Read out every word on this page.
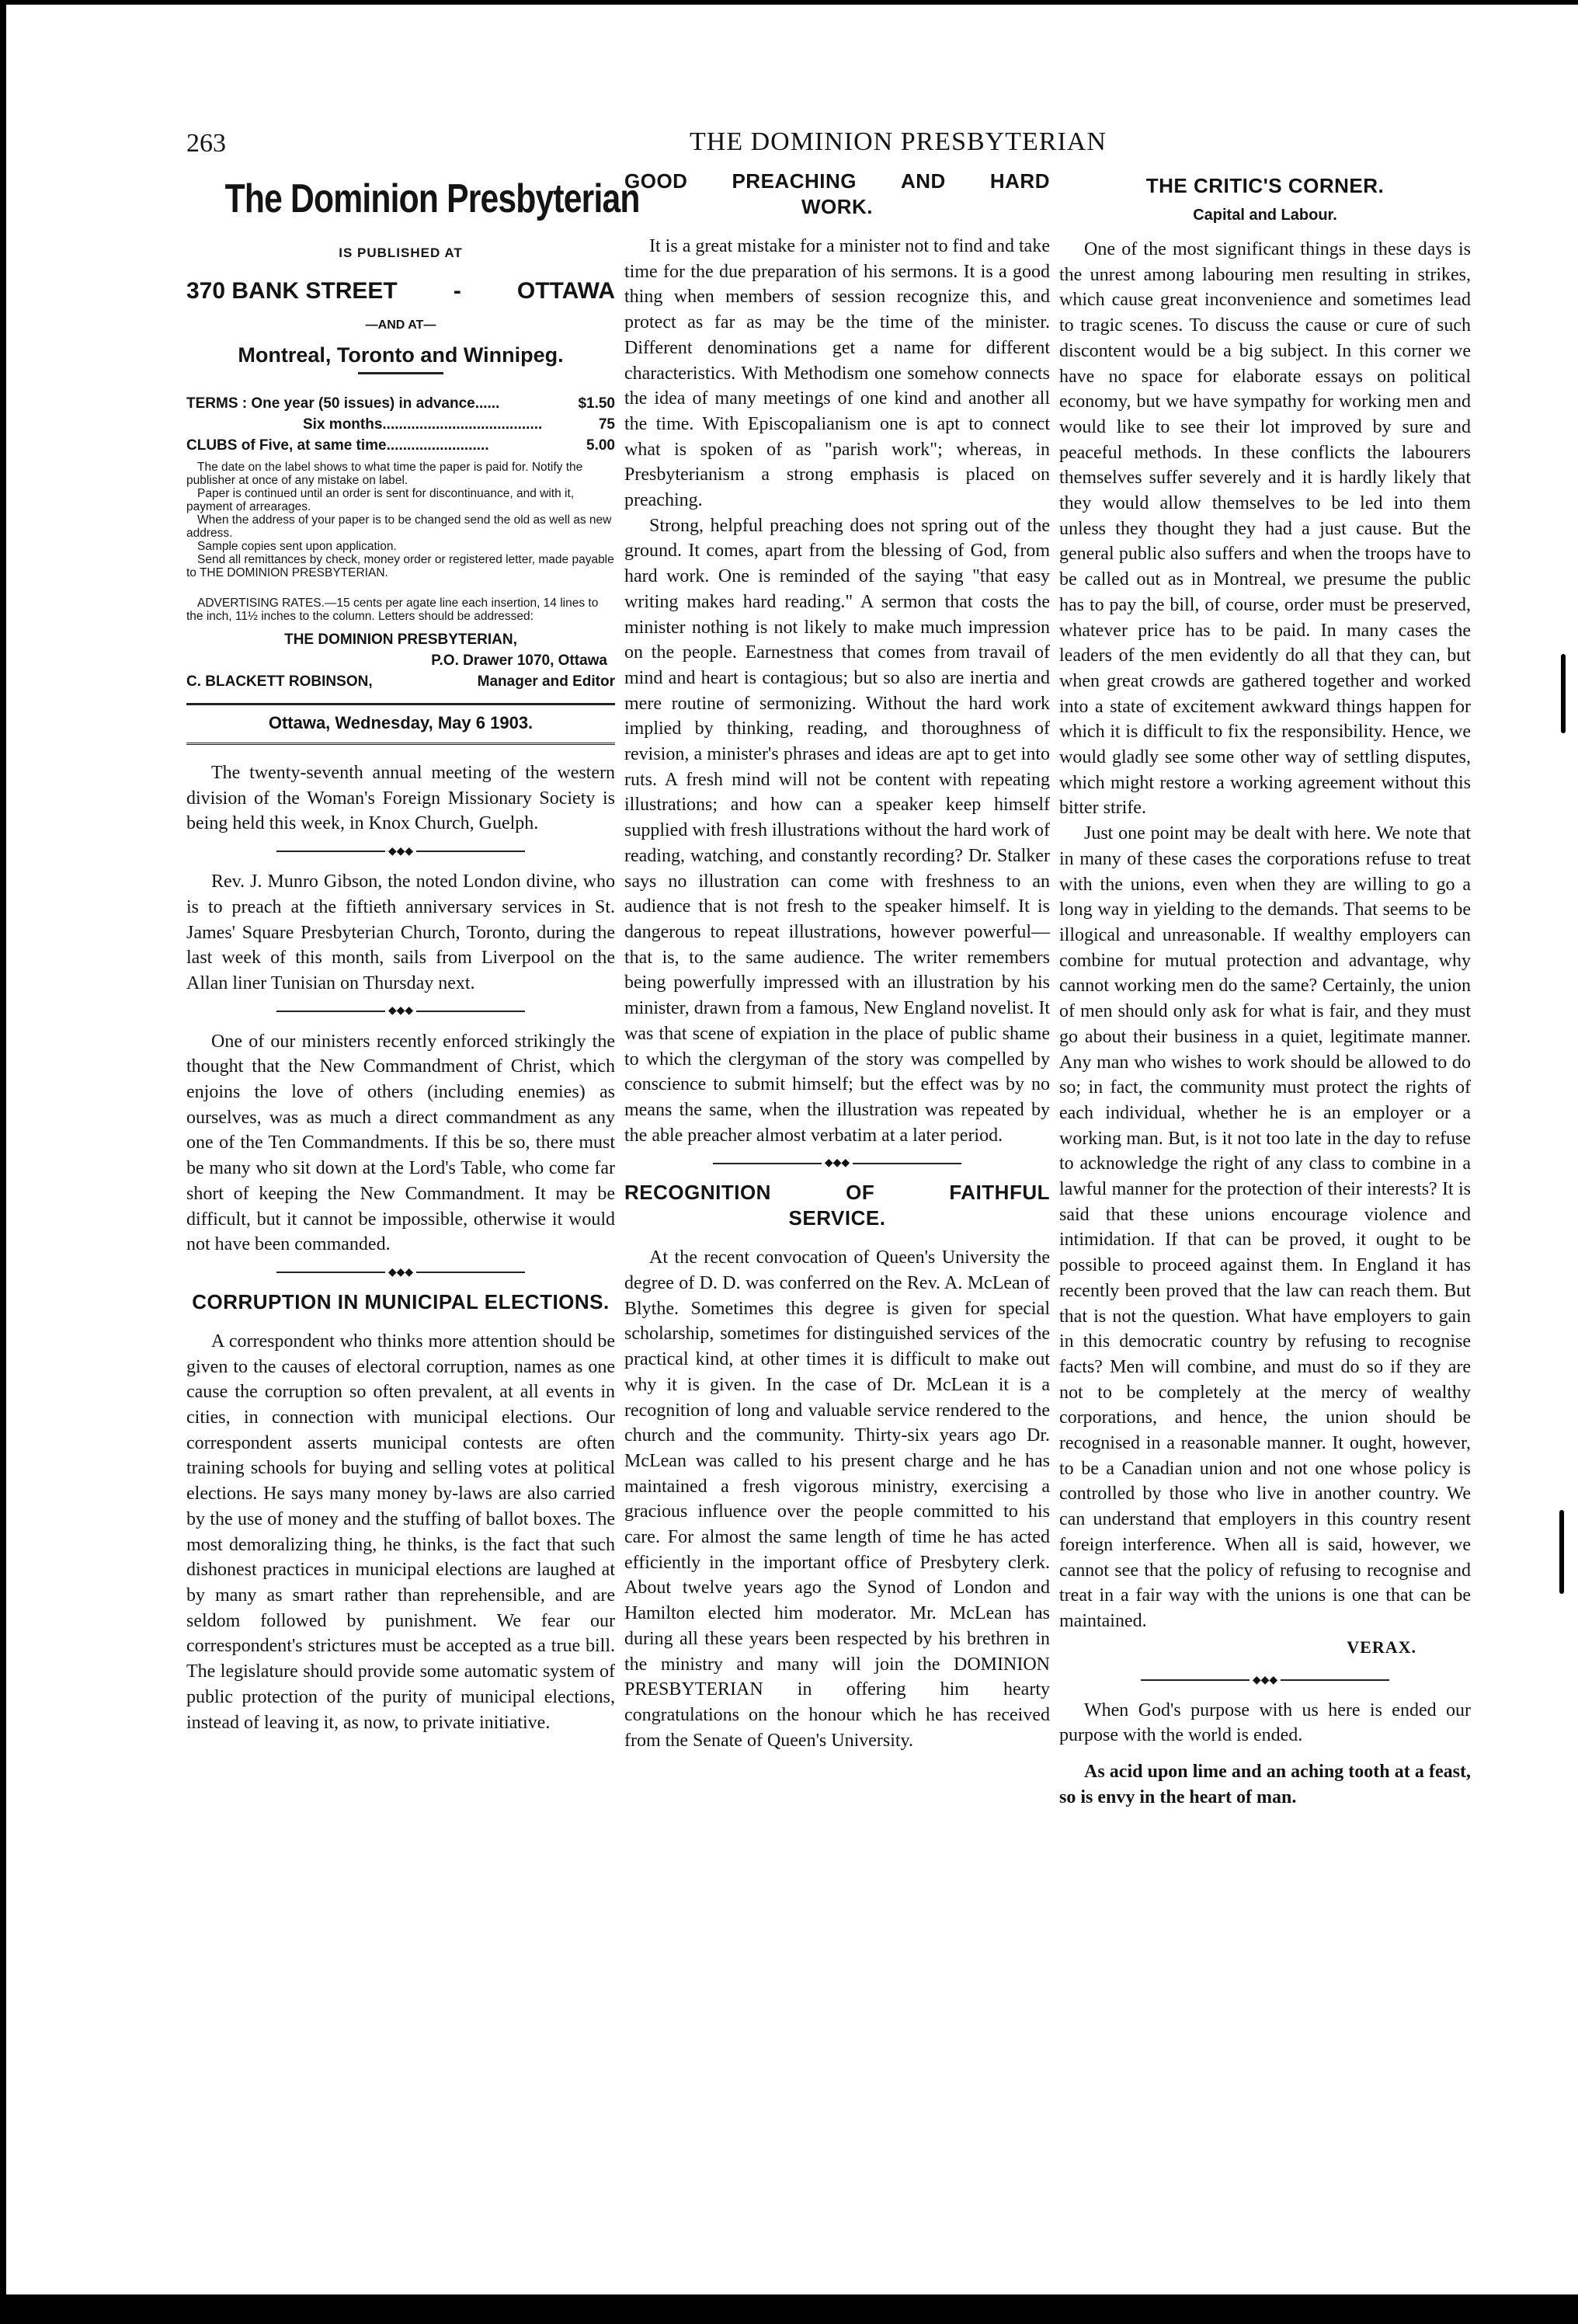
263	THE DOMINION PRESBYTERIAN
The Dominion Presbyterian
IS PUBLISHED AT
370 BANK STREET - OTTAWA
—AND AT—
Montreal, Toronto and Winnipeg.
TERMS : One year (50 issues) in advance......	$1.50
Six months.......................................	75
CLUBS of Five, at same time.........................	5.00

The date on the label shows to what time the paper is paid for. Notify the publisher at once of any mistake on label.

Paper is continued until an order is sent for discontinuance, and with it, payment of arrearages.

When the address of your paper is to be changed send the old as well as new address.

Sample copies sent upon application.

Send all remittances by check, money order or registered letter, made payable to THE DOMINION PRESBYTERIAN.

ADVERTISING RATES.—15 cents per agate line each insertion, 14 lines to the inch, 11½ inches to the column. Letters should be addressed:

THE DOMINION PRESBYTERIAN,
P.O. Drawer 1070, Ottawa
C. BLACKETT ROBINSON,	Manager and Editor
Ottawa, Wednesday, May 6 1903.

The twenty-seventh annual meeting of the western division of the Woman's Foreign Missionary Society is being held this week, in Knox Church, Guelph.

◆◆◆

Rev. J. Munro Gibson, the noted London divine, who is to preach at the fiftieth anniversary services in St. James' Square Presbyterian Church, Toronto, during the last week of this month, sails from Liverpool on the Allan liner Tunisian on Thursday next.

◆◆◆

One of our ministers recently enforced strikingly the thought that the New Commandment of Christ, which enjoins the love of others (including enemies) as ourselves, was as much a direct commandment as any one of the Ten Commandments. If this be so, there must be many who sit down at the Lord's Table, who come far short of keeping the New Commandment. It may be difficult, but it cannot be impossible, otherwise it would not have been commanded.

◆◆◆
CORRUPTION IN MUNICIPAL ELECTIONS.

A correspondent who thinks more attention should be given to the causes of electoral corruption, names as one cause the corruption so often prevalent, at all events in cities, in connection with municipal elections. Our correspondent asserts municipal contests are often training schools for buying and selling votes at political elections. He says many money by-laws are also carried by the use of money and the stuffing of ballot boxes. The most demoralizing thing, he thinks, is the fact that such dishonest practices in municipal elections are laughed at by many as smart rather than reprehensible, and are seldom followed by punishment. We fear our correspondent's strictures must be accepted as a true bill. The legislature should provide some automatic system of public protection of the purity of municipal elections, instead of leaving it, as now, to private initiative.

GOOD PREACHING AND HARD
WORK.

It is a great mistake for a minister not to find and take time for the due preparation of his sermons. It is a good thing when members of session recognize this, and protect as far as may be the time of the minister. Different denominations get a name for different characteristics. With Methodism one somehow connects the idea of many meetings of one kind and another all the time. With Episcopalianism one is apt to connect what is spoken of as "parish work"; whereas, in Presbyterianism a strong emphasis is placed on preaching.

Strong, helpful preaching does not spring out of the ground. It comes, apart from the blessing of God, from hard work. One is reminded of the saying "that easy writing makes hard reading." A sermon that costs the minister nothing is not likely to make much impression on the people. Earnestness that comes from travail of mind and heart is contagious; but so also are inertia and mere routine of sermonizing. Without the hard work implied by thinking, reading, and thoroughness of revision, a minister's phrases and ideas are apt to get into ruts. A fresh mind will not be content with repeating illustrations; and how can a speaker keep himself supplied with fresh illustrations without the hard work of reading, watching, and constantly recording? Dr. Stalker says no illustration can come with freshness to an audience that is not fresh to the speaker himself. It is dangerous to repeat illustrations, however powerful—that is, to the same audience. The writer remembers being powerfully impressed with an illustration by his minister, drawn from a famous, New England novelist. It was that scene of expiation in the place of public shame to which the clergyman of the story was compelled by conscience to submit himself; but the effect was by no means the same, when the illustration was repeated by the able preacher almost verbatim at a later period.

◆◆◆
RECOGNITION	OF	FAITHFUL
SERVICE.

At the recent convocation of Queen's University the degree of D. D. was conferred on the Rev. A. McLean of Blythe. Sometimes this degree is given for special scholarship, sometimes for distinguished services of the practical kind, at other times it is difficult to make out why it is given. In the case of Dr. McLean it is a recognition of long and valuable service rendered to the church and the community. Thirty-six years ago Dr. McLean was called to his present charge and he has maintained a fresh vigorous ministry, exercising a gracious influence over the people committed to his care. For almost the same length of time he has acted efficiently in the important office of Presbytery clerk. About twelve years ago the Synod of London and Hamilton elected him moderator. Mr. McLean has during all these years been respected by his brethren in the ministry and many will join the DOMINION PRESBYTERIAN in offering him hearty congratulations on the honour which he has received from the Senate of Queen's University.

THE CRITIC'S CORNER.
Capital and Labour.

One of the most significant things in these days is the unrest among labouring men resulting in strikes, which cause great inconvenience and sometimes lead to tragic scenes. To discuss the cause or cure of such discontent would be a big subject. In this corner we have no space for elaborate essays on political economy, but we have sympathy for working men and would like to see their lot improved by sure and peaceful methods. In these conflicts the labourers themselves suffer severely and it is hardly likely that they would allow themselves to be led into them unless they thought they had a just cause. But the general public also suffers and when the troops have to be called out as in Montreal, we presume the public has to pay the bill, of course, order must be preserved, whatever price has to be paid. In many cases the leaders of the men evidently do all that they can, but when great crowds are gathered together and worked into a state of excitement awkward things happen for which it is difficult to fix the responsibility. Hence, we would gladly see some other way of settling disputes, which might restore a working agreement without this bitter strife.

Just one point may be dealt with here. We note that in many of these cases the corporations refuse to treat with the unions, even when they are willing to go a long way in yielding to the demands. That seems to be illogical and unreasonable. If wealthy employers can combine for mutual protection and advantage, why cannot working men do the same? Certainly, the union of men should only ask for what is fair, and they must go about their business in a quiet, legitimate manner. Any man who wishes to work should be allowed to do so; in fact, the community must protect the rights of each individual, whether he is an employer or a working man. But, is it not too late in the day to refuse to acknowledge the right of any class to combine in a lawful manner for the protection of their interests? It is said that these unions encourage violence and intimidation. If that can be proved, it ought to be possible to proceed against them. In England it has recently been proved that the law can reach them. But that is not the question. What have employers to gain in this democratic country by refusing to recognise facts? Men will combine, and must do so if they are not to be completely at the mercy of wealthy corporations, and hence, the union should be recognised in a reasonable manner. It ought, however, to be a Canadian union and not one whose policy is controlled by those who live in another country. We can understand that employers in this country resent foreign interference. When all is said, however, we cannot see that the policy of refusing to recognise and treat in a fair way with the unions is one that can be maintained.

VERAX.
◆◆◆

When God's purpose with us here is ended our purpose with the world is ended.

As acid upon lime and an aching tooth at a feast, so is envy in the heart of man.
